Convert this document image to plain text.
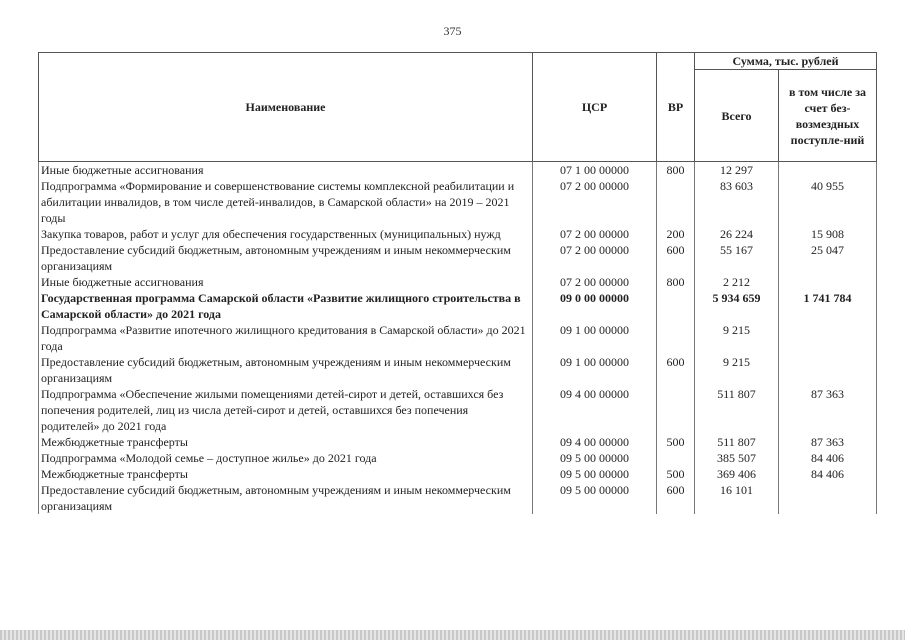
375
Наименование	ЦСР	ВР	Сумма, тыс. рублей	
			Всего	в том числе за счет без-возмездных поступле-ний
Иные бюджетные ассигнования	07 1 00 00000	800	12 297	
Подпрограмма «Формирование и совершенствование системы комплексной реабилитации и абилитации инвалидов, в том числе детей-инвалидов, в Самарской области» на 2019 – 2021 годы	07 2 00 00000		83 603	40 955
Закупка товаров, работ и услуг для обеспечения государственных (муниципальных) нужд	07 2 00 00000	200	26 224	15 908
Предоставление субсидий бюджетным, автономным учреждениям и иным некоммерческим организациям	07 2 00 00000	600	55 167	25 047
Иные бюджетные ассигнования	07 2 00 00000	800	2 212	
Государственная программа Самарской области «Развитие жилищного строительства в Самарской области» до 2021 года	09 0 00 00000		5 934 659	1 741 784
Подпрограмма «Развитие ипотечного жилищного кредитования в Самарской области» до 2021 года	09 1 00 00000		9 215	
Предоставление субсидий бюджетным, автономным учреждениям и иным некоммерческим организациям	09 1 00 00000	600	9 215	
Подпрограмма «Обеспечение жилыми помещениями детей-сирот и детей, оставшихся без попечения родителей, лиц из числа детей-сирот и детей, оставшихся без попечения родителей» до 2021 года	09 4 00 00000		511 807	87 363
Межбюджетные трансферты	09 4 00 00000	500	511 807	87 363
Подпрограмма «Молодой семье – доступное жилье» до 2021 года	09 5 00 00000		385 507	84 406
Межбюджетные трансферты	09 5 00 00000	500	369 406	84 406
Предоставление субсидий бюджетным, автономным учреждениям и иным некоммерческим организациям	09 5 00 00000	600	16 101	
